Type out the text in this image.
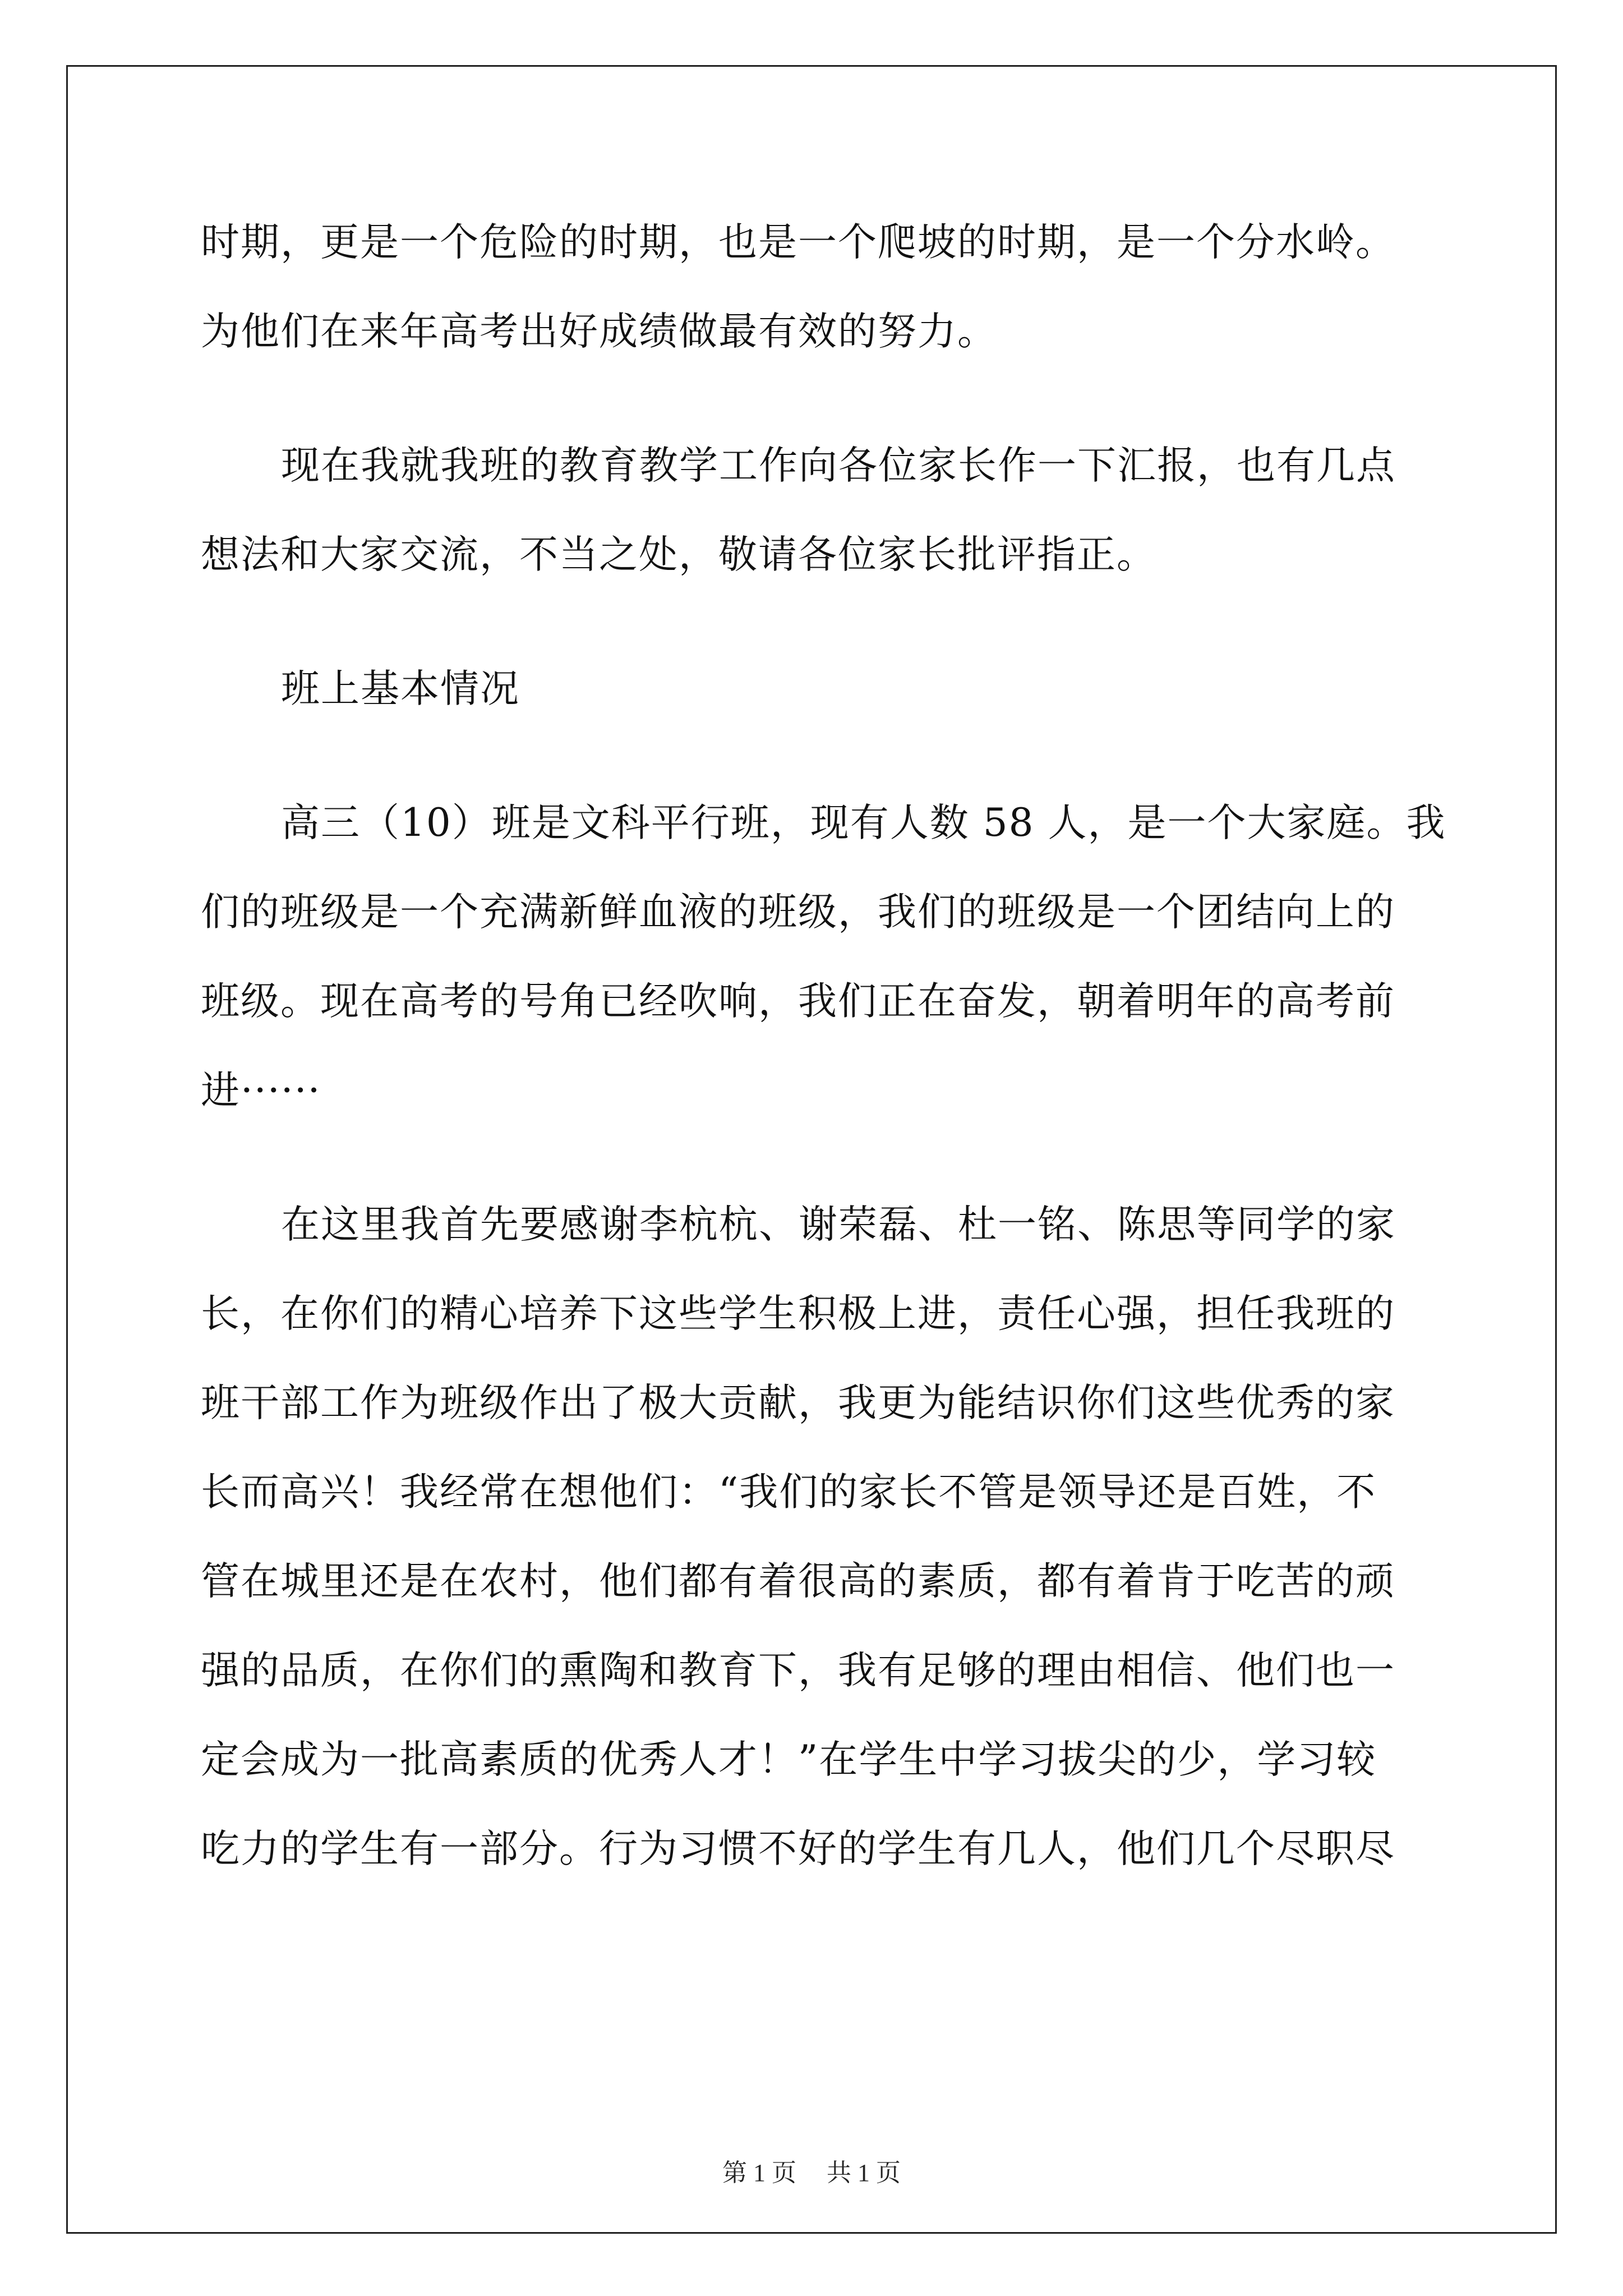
时期，更是一个危险的时期，也是一个爬坡的时期，是一个分水岭。
为他们在来年高考出好成绩做最有效的努力。
现在我就我班的教育教学工作向各位家长作一下汇报，也有几点
想法和大家交流，不当之处，敬请各位家长批评指正。
班上基本情况
高三（10）班是文科平行班，现有人数 58 人，是一个大家庭。我
们的班级是一个充满新鲜血液的班级，我们的班级是一个团结向上的
班级。现在高考的号角已经吹响，我们正在奋发，朝着明年的高考前
进······
在这里我首先要感谢李杭杭、谢荣磊、杜一铭、陈思等同学的家
长，在你们的精心培养下这些学生积极上进，责任心强，担任我班的
班干部工作为班级作出了极大贡献，我更为能结识你们这些优秀的家
长而高兴！我经常在想他们：“我们的家长不管是领导还是百姓，不
管在城里还是在农村，他们都有着很高的素质，都有着肯于吃苦的顽
强的品质，在你们的熏陶和教育下，我有足够的理由相信、他们也一
定会成为一批高素质的优秀人才！”在学生中学习拔尖的少，学习较
吃力的学生有一部分。行为习惯不好的学生有几人，他们几个尽职尽
第 1 页 共 1 页
